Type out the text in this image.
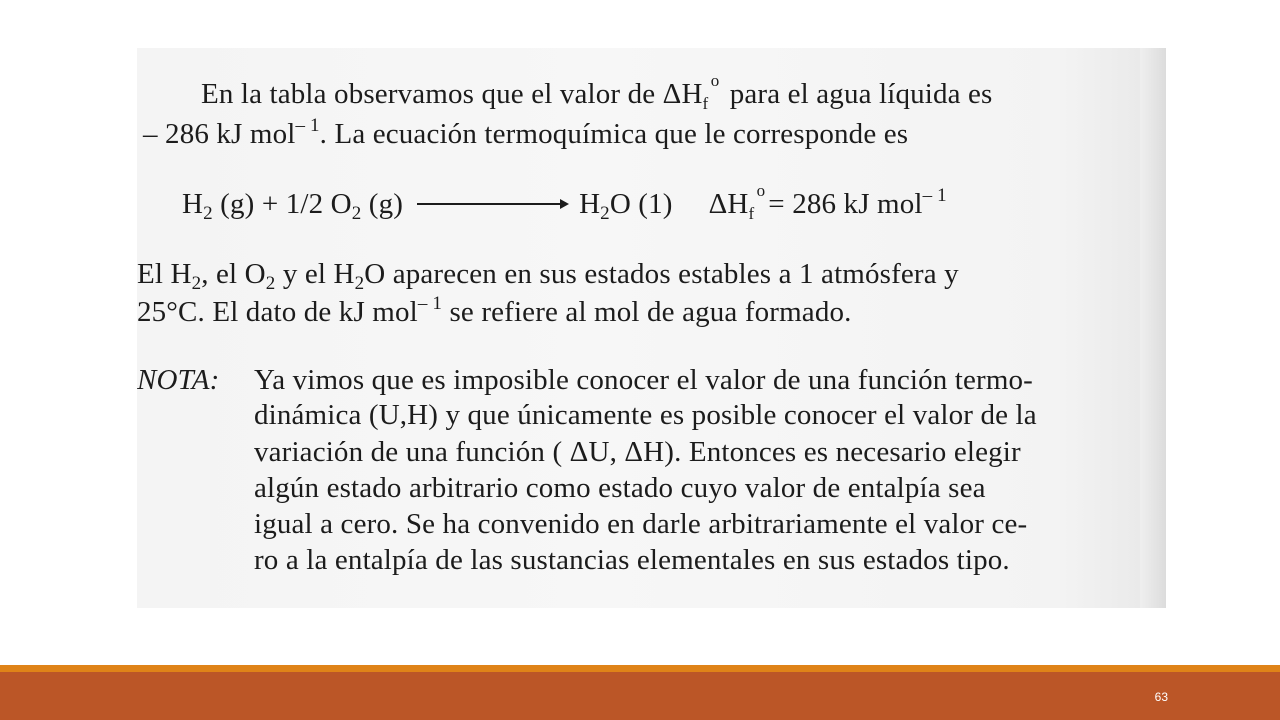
En la tabla observamos que el valor de $\Delta H_f$
o para el agua líquida es
– 286 kJ mol$^{- 1}$. La ecuación termoquímica que le corresponde es
$H_2$ (g) + 1/2 $O_2$ (g)	$H_2O$ (1) $\Delta H_f$
o = 286 kJ mol$^{- 1}$
El $H_2$, el $O_2$ y el $H_2O$ aparecen en sus estados estables a 1 atmósfera y
25°C. El dato de kJ mol$^{- 1}$ se refiere al mol de agua formado.
NOTA: Ya vimos que es imposible conocer el valor de una función termo-
dinámica (U,H) y que únicamente es posible conocer el valor de la
variación de una función ( ΔU, ΔH). Entonces es necesario elegir
algún estado arbitrario como estado cuyo valor de entalpía sea
igual a cero. Se ha convenido en darle arbitrariamente el valor ce-
ro a la entalpía de las sustancias elementales en sus estados tipo.
63
